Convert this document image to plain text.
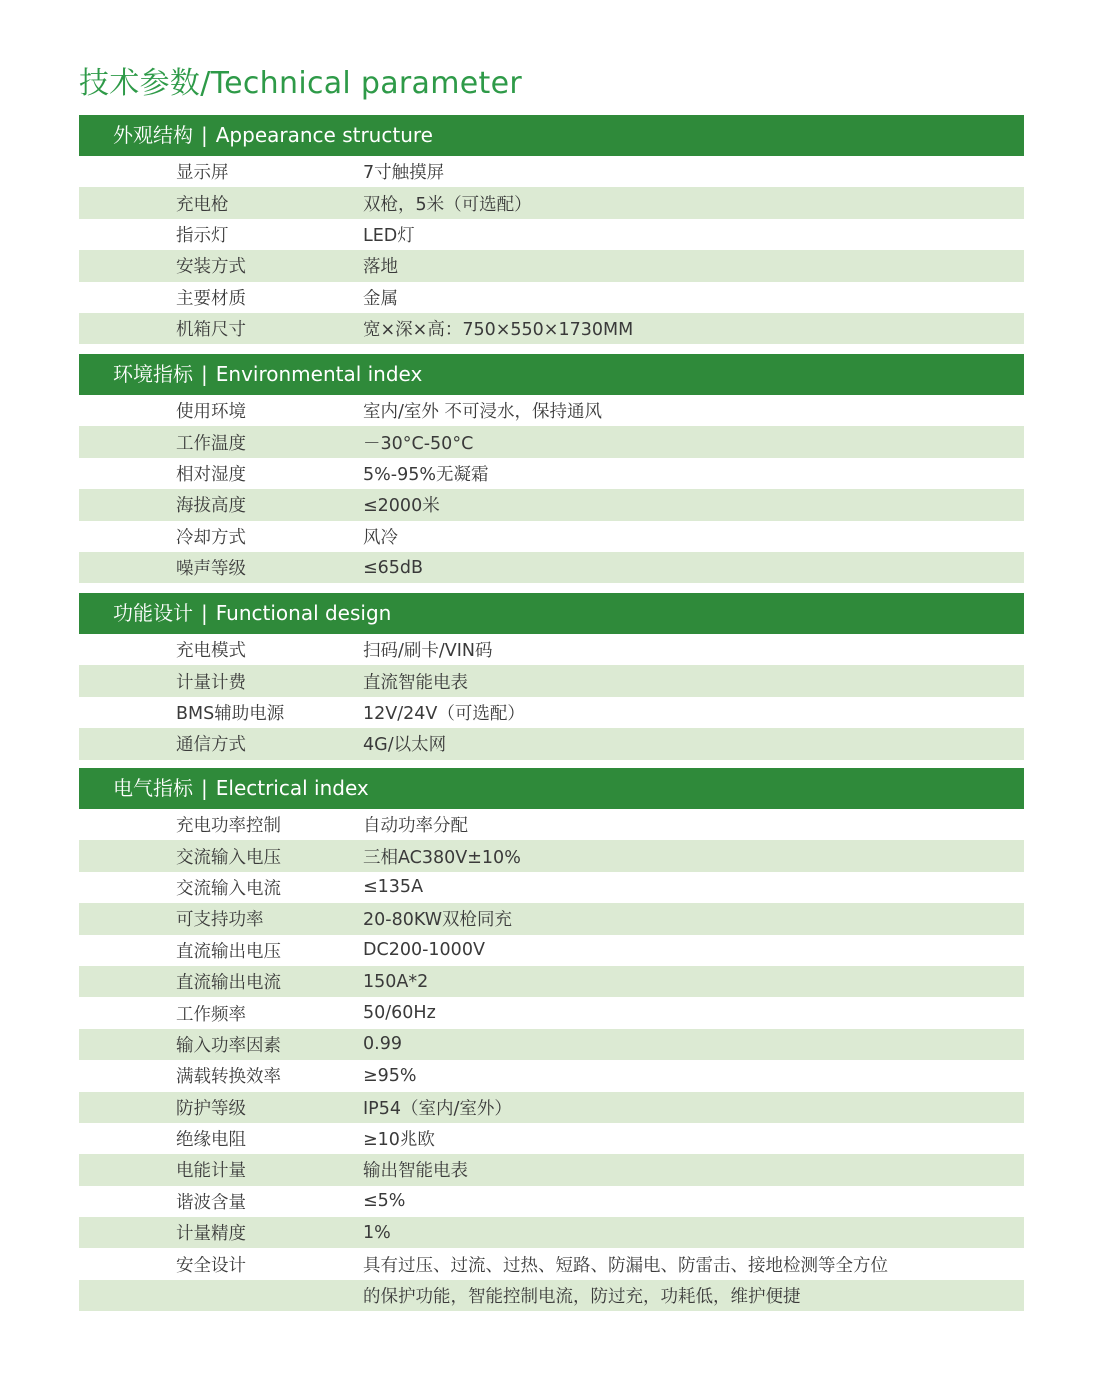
技术参数/Technical parameter
外观结构 | Appearance structure
显示屏	7寸触摸屏
充电枪	双枪，5米（可选配）
指示灯	LED灯
安装方式	落地
主要材质	金属
机箱尺寸	宽×深×高：750×550×1730MM
环境指标 | Environmental index
使用环境	室内/室外 不可浸水，保持通风
工作温度	－30°C-50°C
相对湿度	5%-95%无凝霜
海拔高度	≤2000米
冷却方式	风冷
噪声等级	≤65dB
功能设计 | Functional design
充电模式	扫码/刷卡/VIN码
计量计费	直流智能电表
BMS辅助电源	12V/24V（可选配）
通信方式	4G/以太网
电气指标 | Electrical index
充电功率控制	自动功率分配
交流输入电压	三相AC380V±10%
交流输入电流	≤135A
可支持功率	20-80KW双枪同充
直流输出电压	DC200-1000V
直流输出电流	150A*2
工作频率	50/60Hz
输入功率因素	0.99
满载转换效率	≥95%
防护等级	IP54（室内/室外）
绝缘电阻	≥10兆欧
电能计量	输出智能电表
谐波含量	≤5%
计量精度	1%
安全设计	具有过压、过流、过热、短路、防漏电、防雷击、接地检测等全方位
的保护功能，智能控制电流，防过充，功耗低，维护便捷
